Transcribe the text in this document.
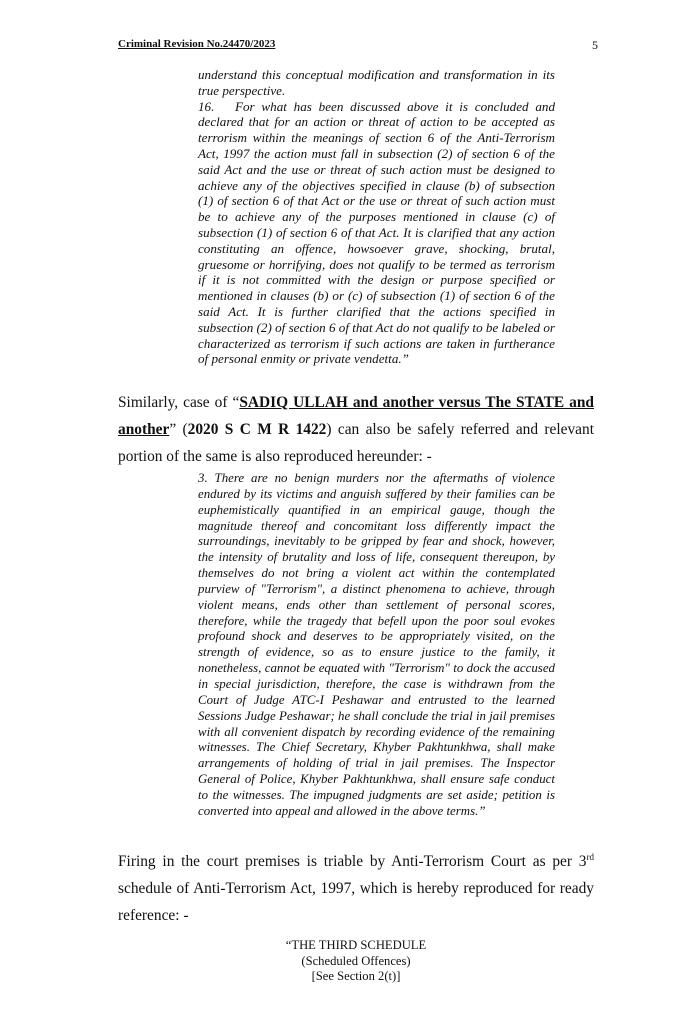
Criminal Revision No.24470/2023	5

understand this conceptual modification and transformation in its true perspective.

16. For what has been discussed above it is concluded and declared that for an action or threat of action to be accepted as terrorism within the meanings of section 6 of the Anti-Terrorism Act, 1997 the action must fall in subsection (2) of section 6 of the said Act and the use or threat of such action must be designed to achieve any of the objectives specified in clause (b) of subsection (1) of section 6 of that Act or the use or threat of such action must be to achieve any of the purposes mentioned in clause (c) of subsection (1) of section 6 of that Act. It is clarified that any action constituting an offence, howsoever grave, shocking, brutal, gruesome or horrifying, does not qualify to be termed as terrorism if it is not committed with the design or purpose specified or mentioned in clauses (b) or (c) of subsection (1) of section 6 of the said Act. It is further clarified that the actions specified in subsection (2) of section 6 of that Act do not qualify to be labeled or characterized as terrorism if such actions are taken in furtherance of personal enmity or private vendetta.”

Similarly, case of “SADIQ ULLAH and another versus The STATE and another” (2020 S C M R 1422) can also be safely referred and relevant portion of the same is also reproduced hereunder: -

3. There are no benign murders nor the aftermaths of violence endured by its victims and anguish suffered by their families can be euphemistically quantified in an empirical gauge, though the magnitude thereof and concomitant loss differently impact the surroundings, inevitably to be gripped by fear and shock, however, the intensity of brutality and loss of life, consequent thereupon, by themselves do not bring a violent act within the contemplated purview of "Terrorism", a distinct phenomena to achieve, through violent means, ends other than settlement of personal scores, therefore, while the tragedy that befell upon the poor soul evokes profound shock and deserves to be appropriately visited, on the strength of evidence, so as to ensure justice to the family, it nonetheless, cannot be equated with "Terrorism" to dock the accused in special jurisdiction, therefore, the case is withdrawn from the Court of Judge ATC-I Peshawar and entrusted to the learned Sessions Judge Peshawar; he shall conclude the trial in jail premises with all convenient dispatch by recording evidence of the remaining witnesses. The Chief Secretary, Khyber Pakhtunkhwa, shall make arrangements of holding of trial in jail premises. The Inspector General of Police, Khyber Pakhtunkhwa, shall ensure safe conduct to the witnesses. The impugned judgments are set aside; petition is converted into appeal and allowed in the above terms.”

Firing in the court premises is triable by Anti-Terrorism Court as per 3rd schedule of Anti-Terrorism Act, 1997, which is hereby reproduced for ready reference: -

“THE THIRD SCHEDULE
(Scheduled Offences)
[See Section 2(t)]
